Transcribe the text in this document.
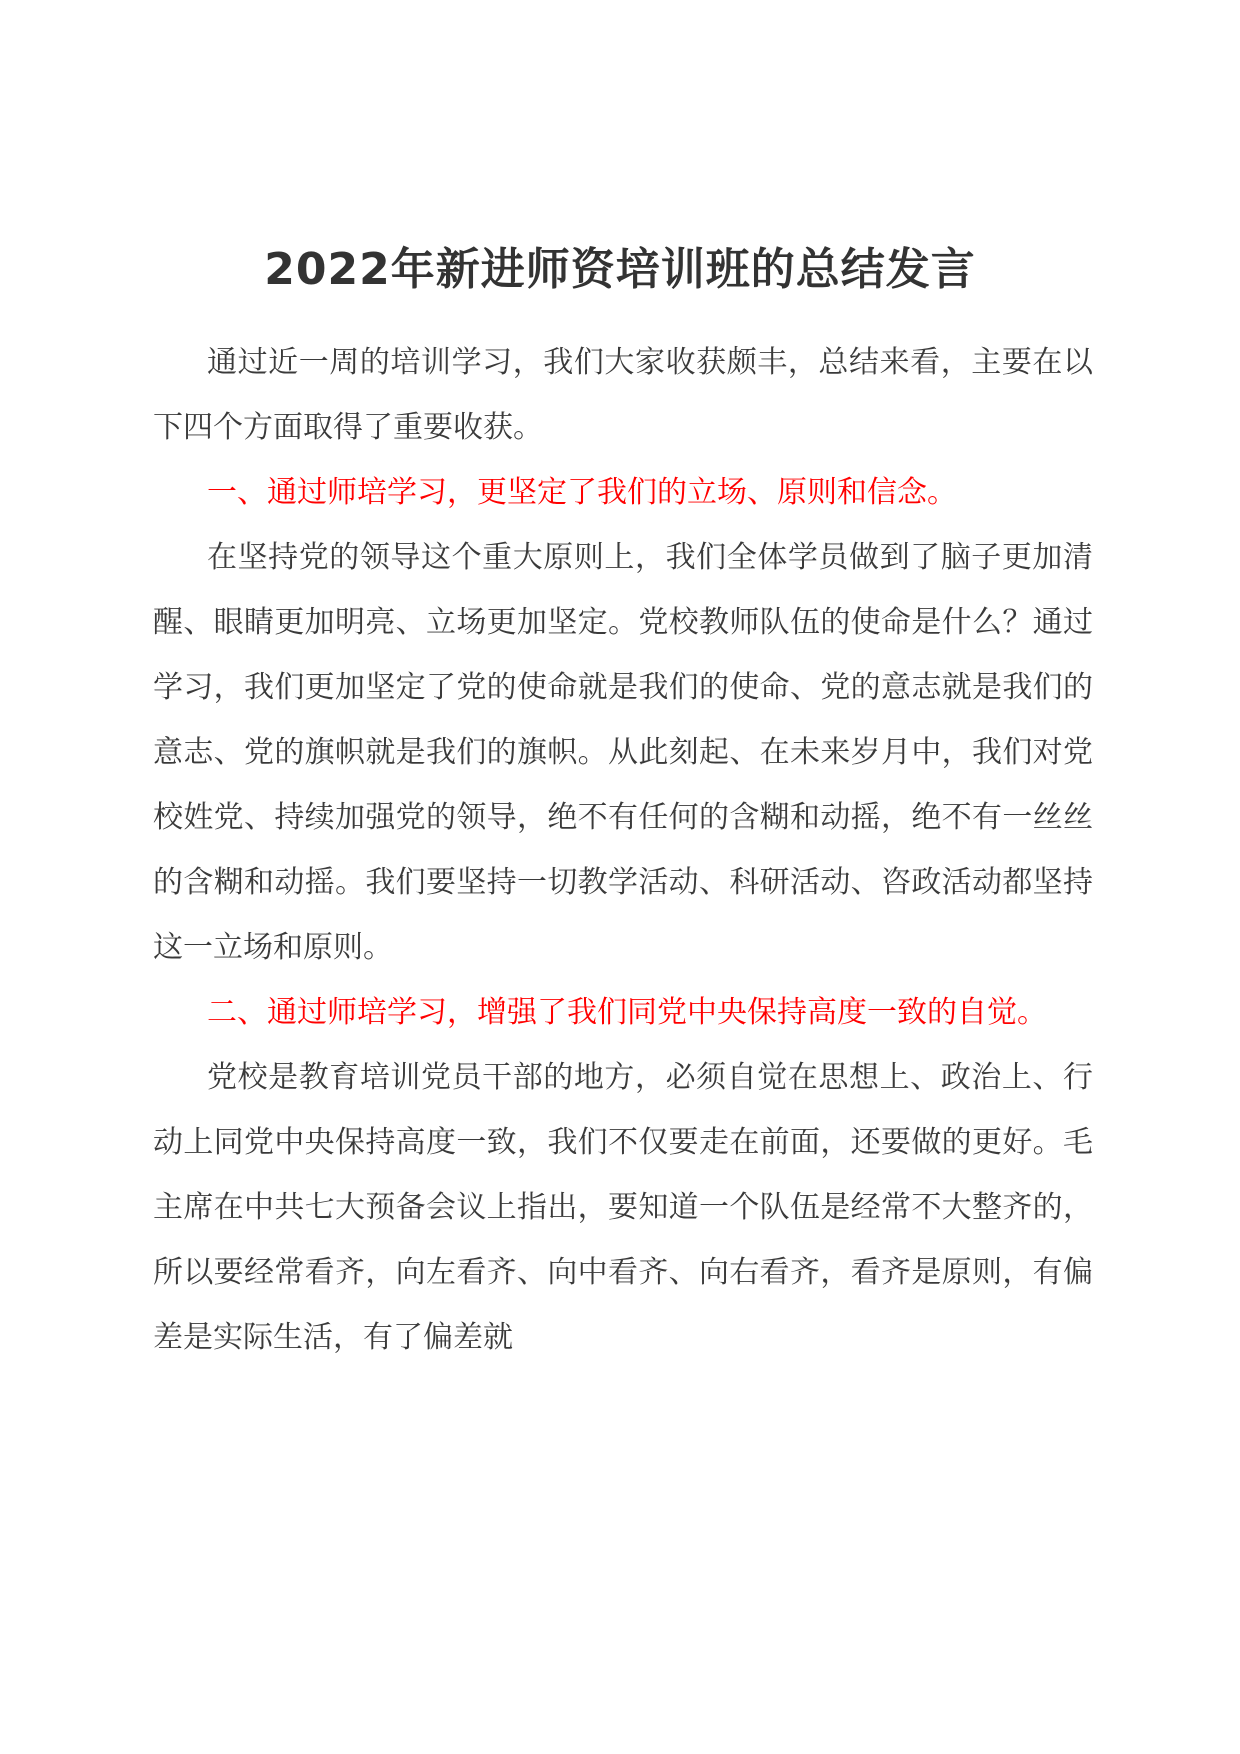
2022年新进师资培训班的总结发言

通过近一周的培训学习，我们大家收获颇丰，总结来看，主要在以下四个方面取得了重要收获。

一、通过师培学习，更坚定了我们的立场、原则和信念。

在坚持党的领导这个重大原则上，我们全体学员做到了脑子更加清醒、眼睛更加明亮、立场更加坚定。党校教师队伍的使命是什么？通过学习，我们更加坚定了党的使命就是我们的使命、党的意志就是我们的意志、党的旗帜就是我们的旗帜。从此刻起、在未来岁月中，我们对党校姓党、持续加强党的领导，绝不有任何的含糊和动摇，绝不有一丝丝的含糊和动摇。我们要坚持一切教学活动、科研活动、咨政活动都坚持这一立场和原则。

二、通过师培学习，增强了我们同党中央保持高度一致的自觉。

党校是教育培训党员干部的地方，必须自觉在思想上、政治上、行动上同党中央保持高度一致，我们不仅要走在前面，还要做的更好。毛主席在中共七大预备会议上指出，要知道一个队伍是经常不大整齐的，所以要经常看齐，向左看齐、向中看齐、向右看齐，看齐是原则，有偏差是实际生活，有了偏差就
